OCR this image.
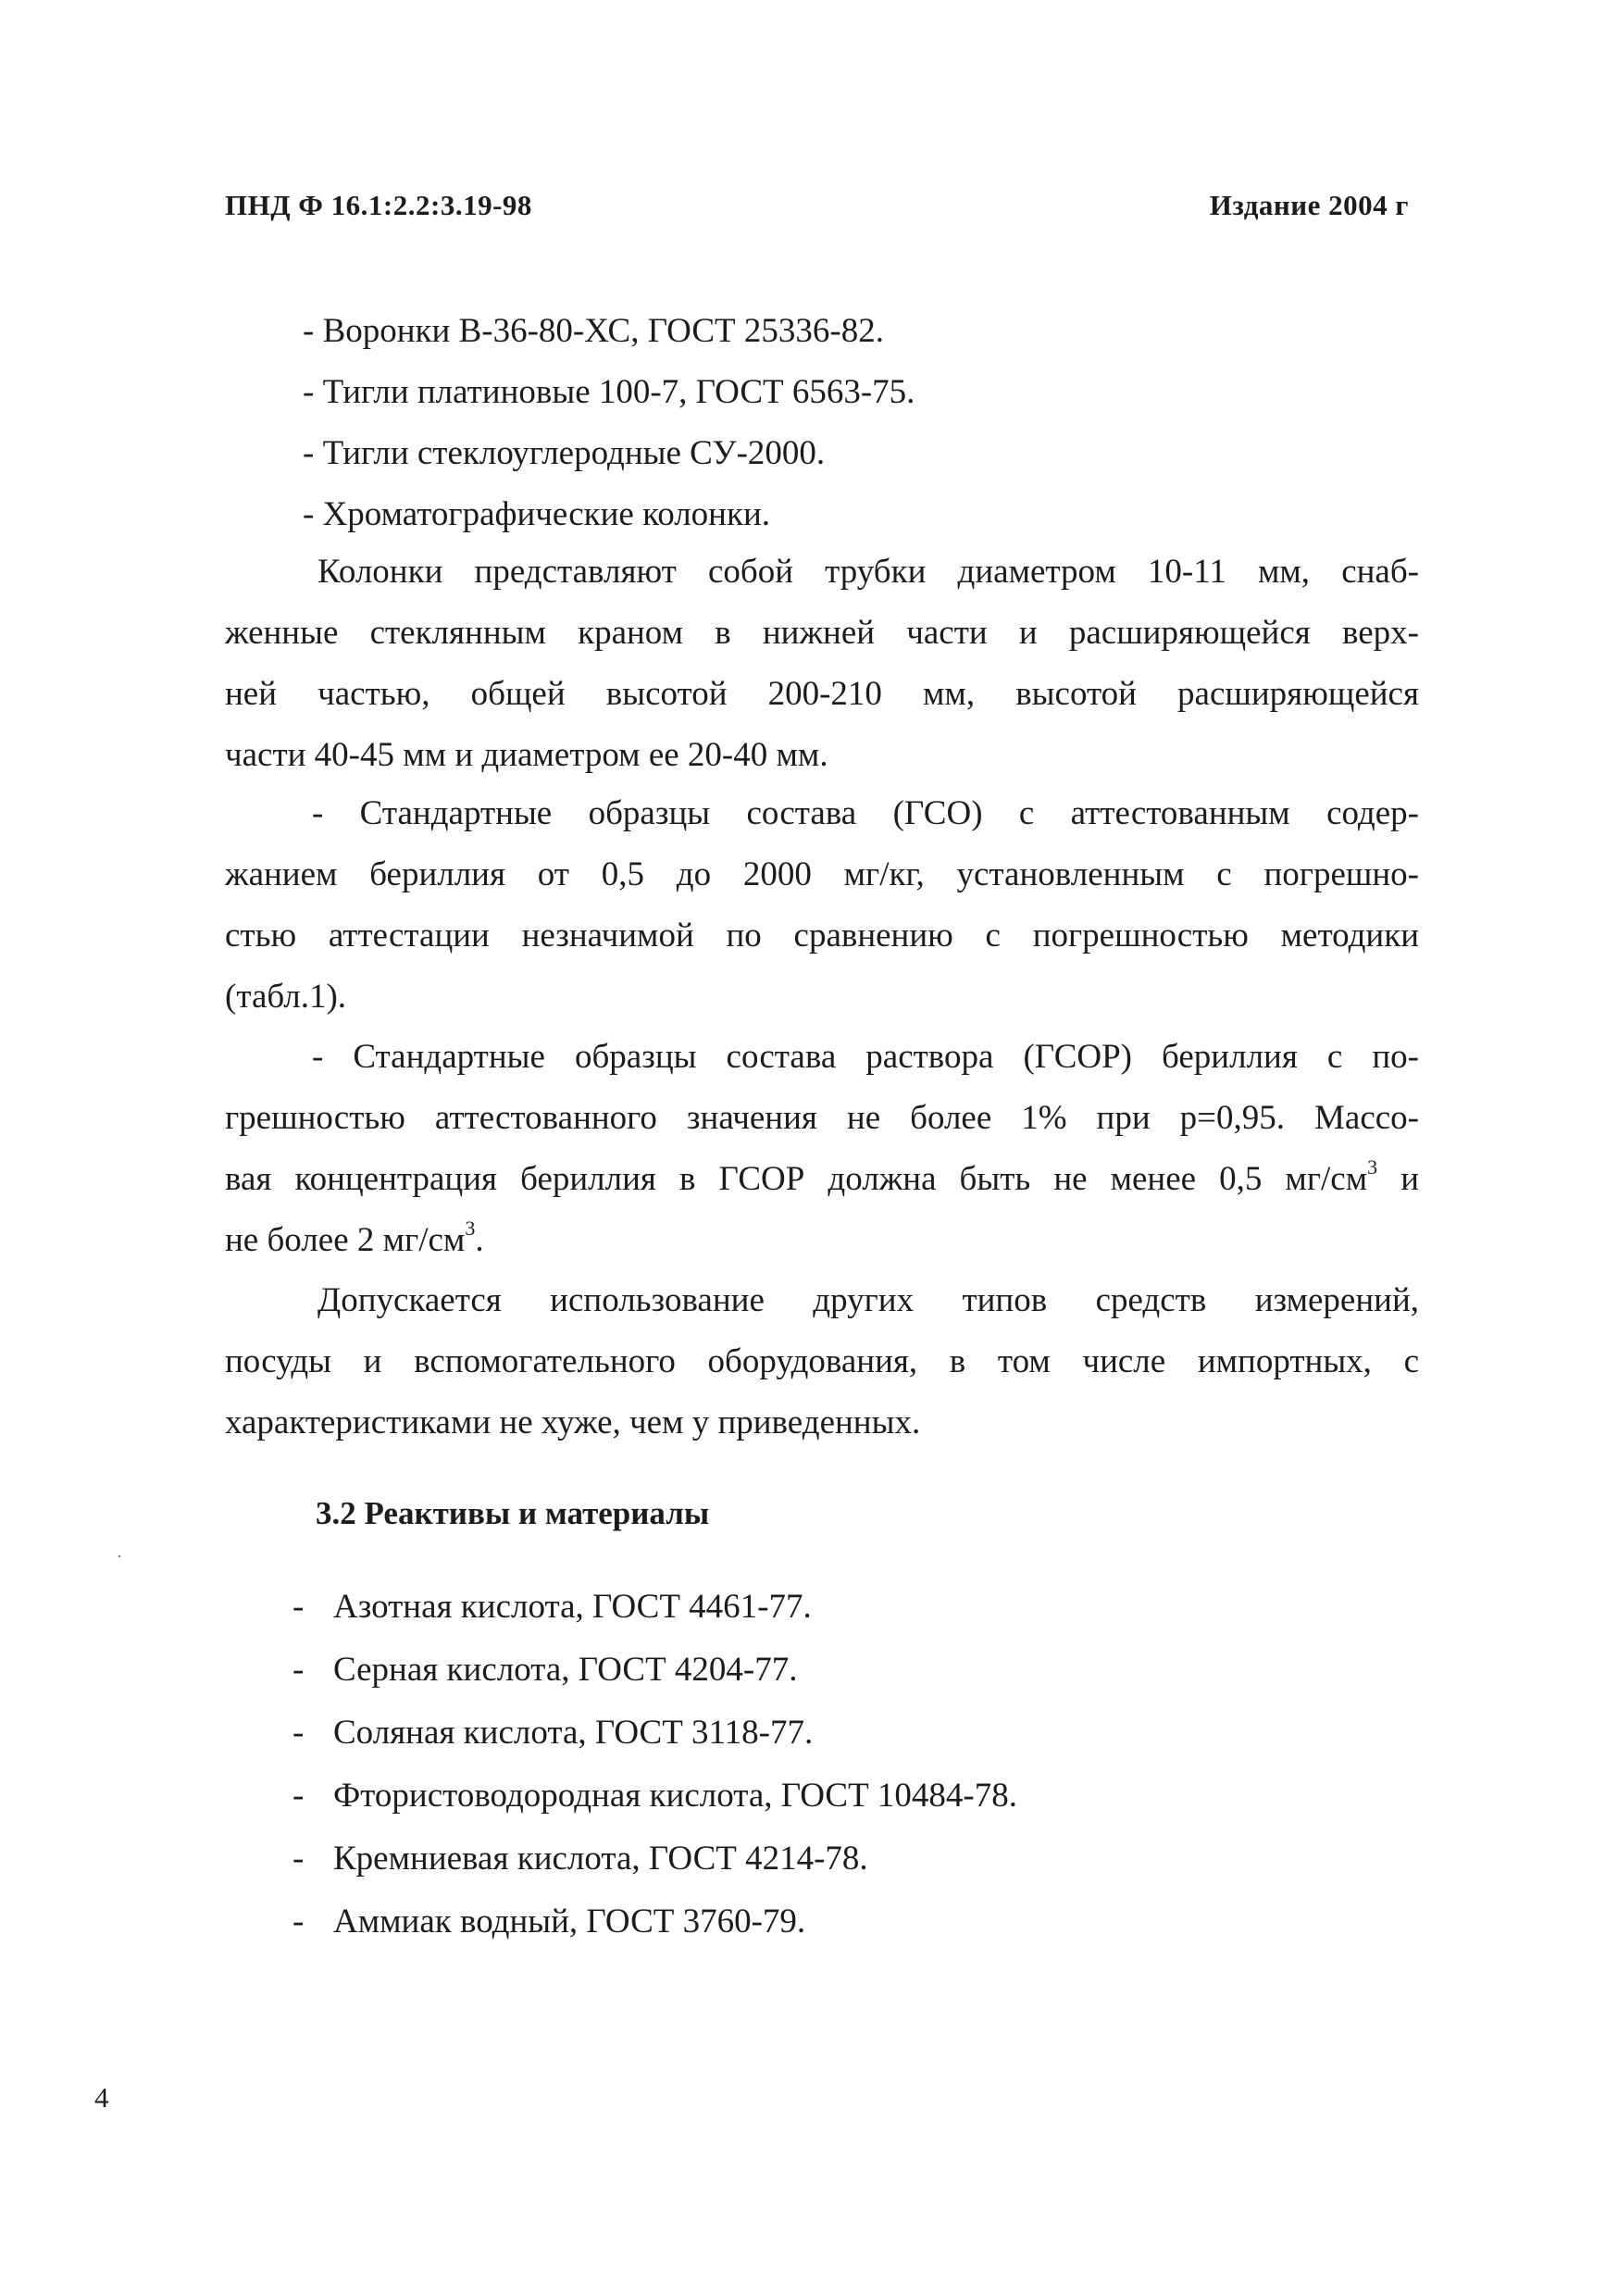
ПНД Ф 16.1:2.2:3.19-98	Издание 2004 г
- Воронки В-36-80-ХС, ГОСТ 25336-82.
- Тигли платиновые 100-7, ГОСТ 6563-75.
- Тигли стеклоуглеродные СУ-2000.
- Хроматографические колонки.
Колонки представляют собой трубки диаметром 10-11 мм, снаб-
женные стеклянным краном в нижней части и расширяющейся верх-
ней частью, общей высотой 200-210 мм, высотой расширяющейся
части 40-45 мм и диаметром ее 20-40 мм.
- Стандартные образцы состава (ГСО) с аттестованным содер-
жанием бериллия от 0,5 до 2000 мг/кг, установленным с погрешно-
стью аттестации незначимой по сравнению с погрешностью методики
(табл.1).
- Стандартные образцы состава раствора (ГСОР) бериллия с по-
грешностью аттестованного значения не более 1% при р=0,95. Массо-
вая концентрация бериллия в ГСОР должна быть не менее 0,5 $мг/см^3$ и
не более 2 $мг/см^3$.
Допускается использование других типов средств измерений,
посуды и вспомогательного оборудования, в том числе импортных, с
характеристиками не хуже, чем у приведенных.
3.2 Реактивы и материалы
- Азотная кислота, ГОСТ 4461-77.
- Серная кислота, ГОСТ 4204-77.
- Соляная кислота, ГОСТ 3118-77.
- Фтористоводородная кислота, ГОСТ 10484-78.
- Кремниевая кислота, ГОСТ 4214-78.
- Аммиак водный, ГОСТ 3760-79.
4
